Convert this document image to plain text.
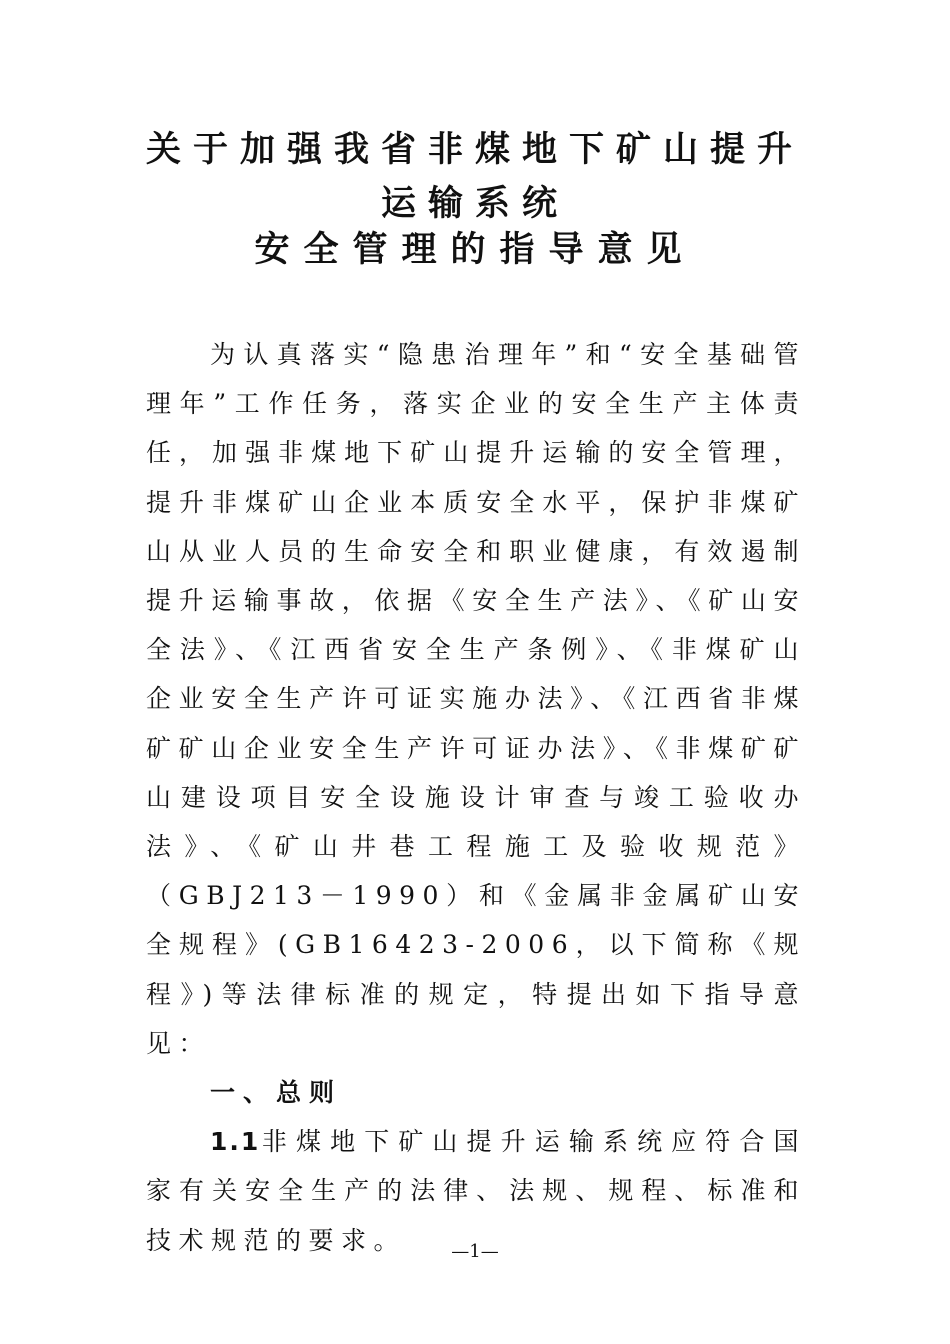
关于加强我省非煤地下矿山提升
运输系统
安全管理的指导意见

为认真落实“隐患治理年”和“安全基础管理年”工作任务，落实企业的安全生产主体责任，加强非煤地下矿山提升运输的安全管理，提升非煤矿山企业本质安全水平，保护非煤矿山从业人员的生命安全和职业健康，有效遏制提升运输事故，依据《安全生产法》、《矿山安全法》、《江西省安全生产条例》、《非煤矿山企业安全生产许可证实施办法》、《江西省非煤矿矿山企业安全生产许可证办法》、《非煤矿矿山建设项目安全设施设计审查与竣工验收办法》、《矿山井巷工程施工及验收规范》（GBJ213－1990）和《金属非金属矿山安全规程》(GB16423-2006，以下简称《规程》)等法律标准的规定，特提出如下指导意见：

一、总则

1.1非煤地下矿山提升运输系统应符合国家有关安全生产的法律、法规、规程、标准和技术规范的要求。	—1—
